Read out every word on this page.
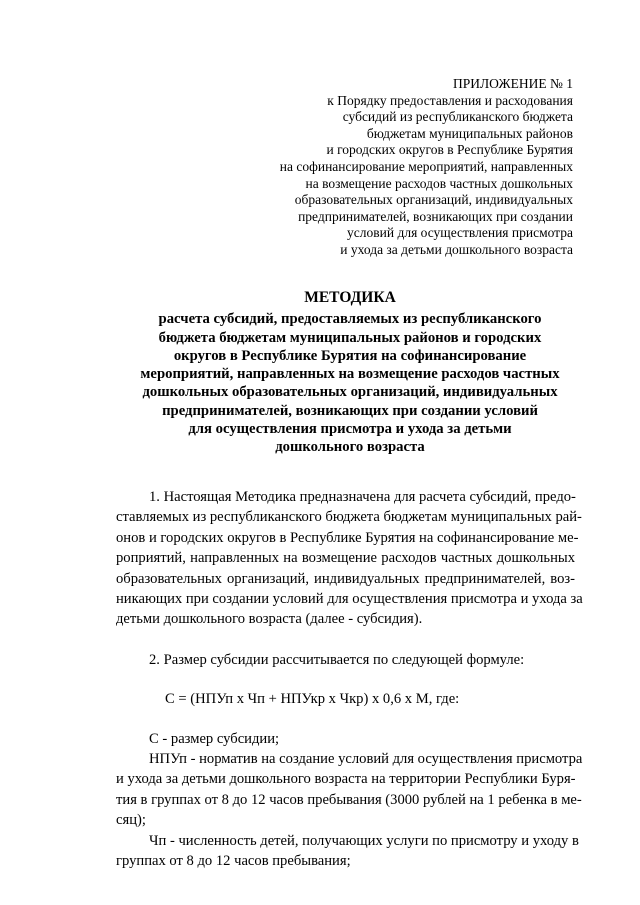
ПРИЛОЖЕНИЕ № 1
к Порядку предоставления и расходования
субсидий из республиканского бюджета
бюджетам муниципальных районов
и городских округов в Республике Бурятия
на софинансирование мероприятий, направленных
на возмещение расходов частных дошкольных
образовательных организаций, индивидуальных
предпринимателей, возникающих при создании
условий для осуществления присмотра
и ухода за детьми дошкольного возраста
МЕТОДИКА
расчета субсидий, предоставляемых из республиканского
бюджета бюджетам муниципальных районов и городских
округов в Республике Бурятия на софинансирование
мероприятий, направленных на возмещение расходов частных
дошкольных образовательных организаций, индивидуальных
предпринимателей, возникающих при создании условий
для осуществления присмотра и ухода за детьми
дошкольного возраста
1. Настоящая Методика предназначена для расчета субсидий, предо-
ставляемых из республиканского бюджета бюджетам муниципальных рай-
онов и городских округов в Республике Бурятия на софинансирование ме-
роприятий, направленных на возмещение расходов частных дошкольных
образовательных организаций, индивидуальных предпринимателей, воз-
никающих при создании условий для осуществления присмотра и ухода за
детьми дошкольного возраста (далее - субсидия).
2. Размер субсидии рассчитывается по следующей формуле:
С = (НПУп х Чп + НПУкр х Чкр) х 0,6 х М, где:
С - размер субсидии;
НПУп - норматив на создание условий для осуществления присмотра
и ухода за детьми дошкольного возраста на территории Республики Буря-
тия в группах от 8 до 12 часов пребывания (3000 рублей на 1 ребенка в ме-
сяц);
Чп - численность детей, получающих услуги по присмотру и уходу в
группах от 8 до 12 часов пребывания;
